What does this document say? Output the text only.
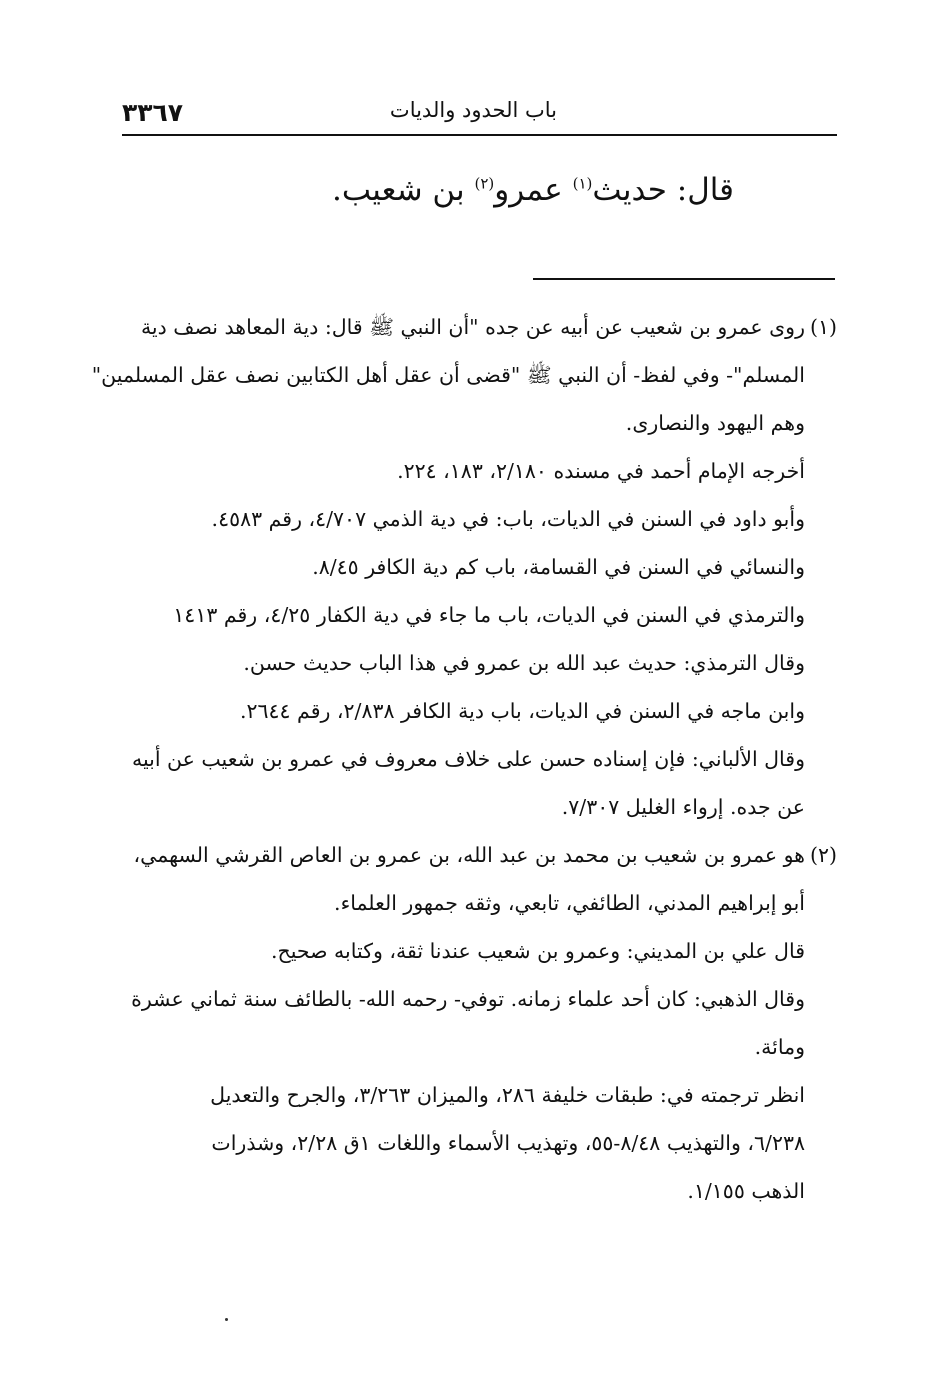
٣٣٦٧	باب الحدود والديات
قال: حديث$^{(١)}$ عمرو$^{(٢)}$ بن شعيب.
(١)روى عمرو بن شعيب عن أبيه عن جده "أن النبي ﷺ قال: دية المعاهد نصف دية
المسلم"- وفي لفظ- أن النبي ﷺ "قضى أن عقل أهل الكتابين نصف عقل المسلمين"
وهم اليهود والنصارى.
أخرجه الإمام أحمد في مسنده ٢/١٨٠، ١٨٣، ٢٢٤.
وأبو داود في السنن في الديات، باب: في دية الذمي ٤/٧٠٧، رقم ٤٥٨٣.
والنسائي في السنن في القسامة، باب كم دية الكافر ٨/٤٥.
والترمذي في السنن في الديات، باب ما جاء في دية الكفار ٤/٢٥، رقم ١٤١٣
وقال الترمذي: حديث عبد الله بن عمرو في هذا الباب حديث حسن.
وابن ماجه في السنن في الديات، باب دية الكافر ٢/٨٣٨، رقم ٢٦٤٤.
وقال الألباني: فإن إسناده حسن على خلاف معروف في عمرو بن شعيب عن أبيه
عن جده. إرواء الغليل ٧/٣٠٧.
(٢)هو عمرو بن شعيب بن محمد بن عبد الله، بن عمرو بن العاص القرشي السهمي،
أبو إبراهيم المدني، الطائفي، تابعي، وثقه جمهور العلماء.
قال علي بن المديني: وعمرو بن شعيب عندنا ثقة، وكتابه صحيح.
وقال الذهبي: كان أحد علماء زمانه. توفي- رحمه الله- بالطائف سنة ثماني عشرة
ومائة.
انظر ترجمته في: طبقات خليفة ٢٨٦، والميزان ٣/٢٦٣، والجرح والتعديل
٦/٢٣٨، والتهذيب ٨/٤٨-٥٥، وتهذيب الأسماء واللغات ١ق ٢/٢٨، وشذرات
الذهب ١/١٥٥.
